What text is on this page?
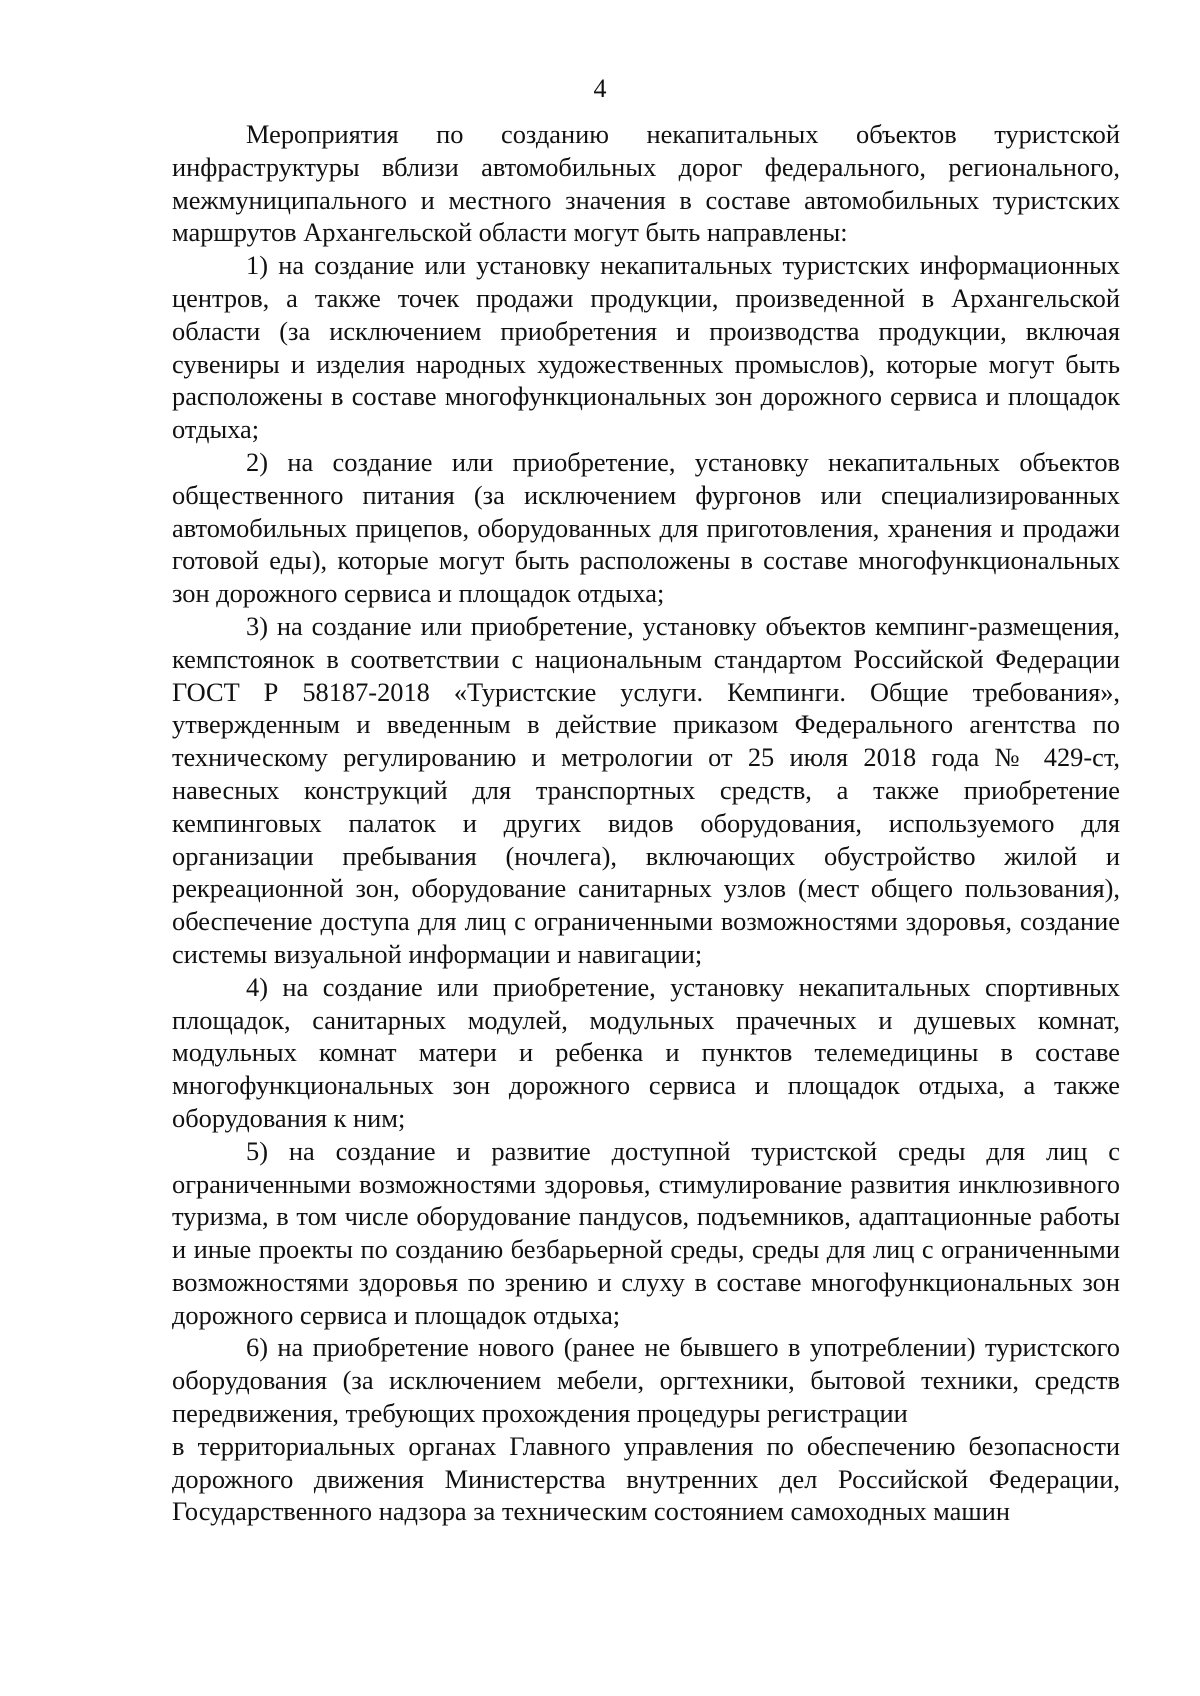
4

Мероприятия по созданию некапитальных объектов туристской инфраструктуры вблизи автомобильных дорог федерального, регионального, межмуниципального и местного значения в составе автомобильных туристских маршрутов Архангельской области могут быть направлены:

1) на создание или установку некапитальных туристских информационных центров, а также точек продажи продукции, произведенной в Архангельской области (за исключением приобретения и производства продукции, включая сувениры и изделия народных художественных промыслов), которые могут быть расположены в составе многофункциональных зон дорожного сервиса и площадок отдыха;

2) на создание или приобретение, установку некапитальных объектов общественного питания (за исключением фургонов или специализированных автомобильных прицепов, оборудованных для приготовления, хранения и продажи готовой еды), которые могут быть расположены в составе многофункциональных зон дорожного сервиса и площадок отдыха;

3) на создание или приобретение, установку объектов кемпинг-размещения, кемпстоянок в соответствии с национальным стандартом Российской Федерации ГОСТ Р 58187-2018 «Туристские услуги. Кемпинги. Общие требования», утвержденным и введенным в действие приказом Федерального агентства по техническому регулированию и метрологии от 25 июля 2018 года № 429-ст, навесных конструкций для транспортных средств, а также приобретение кемпинговых палаток и других видов оборудования, используемого для организации пребывания (ночлега), включающих обустройство жилой и рекреационной зон, оборудование санитарных узлов (мест общего пользования), обеспечение доступа для лиц с ограниченными возможностями здоровья, создание системы визуальной информации и навигации;

4) на создание или приобретение, установку некапитальных спортивных площадок, санитарных модулей, модульных прачечных и душевых комнат, модульных комнат матери и ребенка и пунктов телемедицины в составе многофункциональных зон дорожного сервиса и площадок отдыха, а также оборудования к ним;

5) на создание и развитие доступной туристской среды для лиц с ограниченными возможностями здоровья, стимулирование развития инклюзивного туризма, в том числе оборудование пандусов, подъемников, адаптационные работы и иные проекты по созданию безбарьерной среды, среды для лиц с ограниченными возможностями здоровья по зрению и слуху в составе многофункциональных зон дорожного сервиса и площадок отдыха;

6) на приобретение нового (ранее не бывшего в употреблении) туристского оборудования (за исключением мебели, оргтехники, бытовой техники, средств передвижения, требующих прохождения процедуры регистрации

в территориальных органах Главного управления по обеспечению безопасности дорожного движения Министерства внутренних дел Российской Федерации, Государственного надзора за техническим состоянием самоходных машин
